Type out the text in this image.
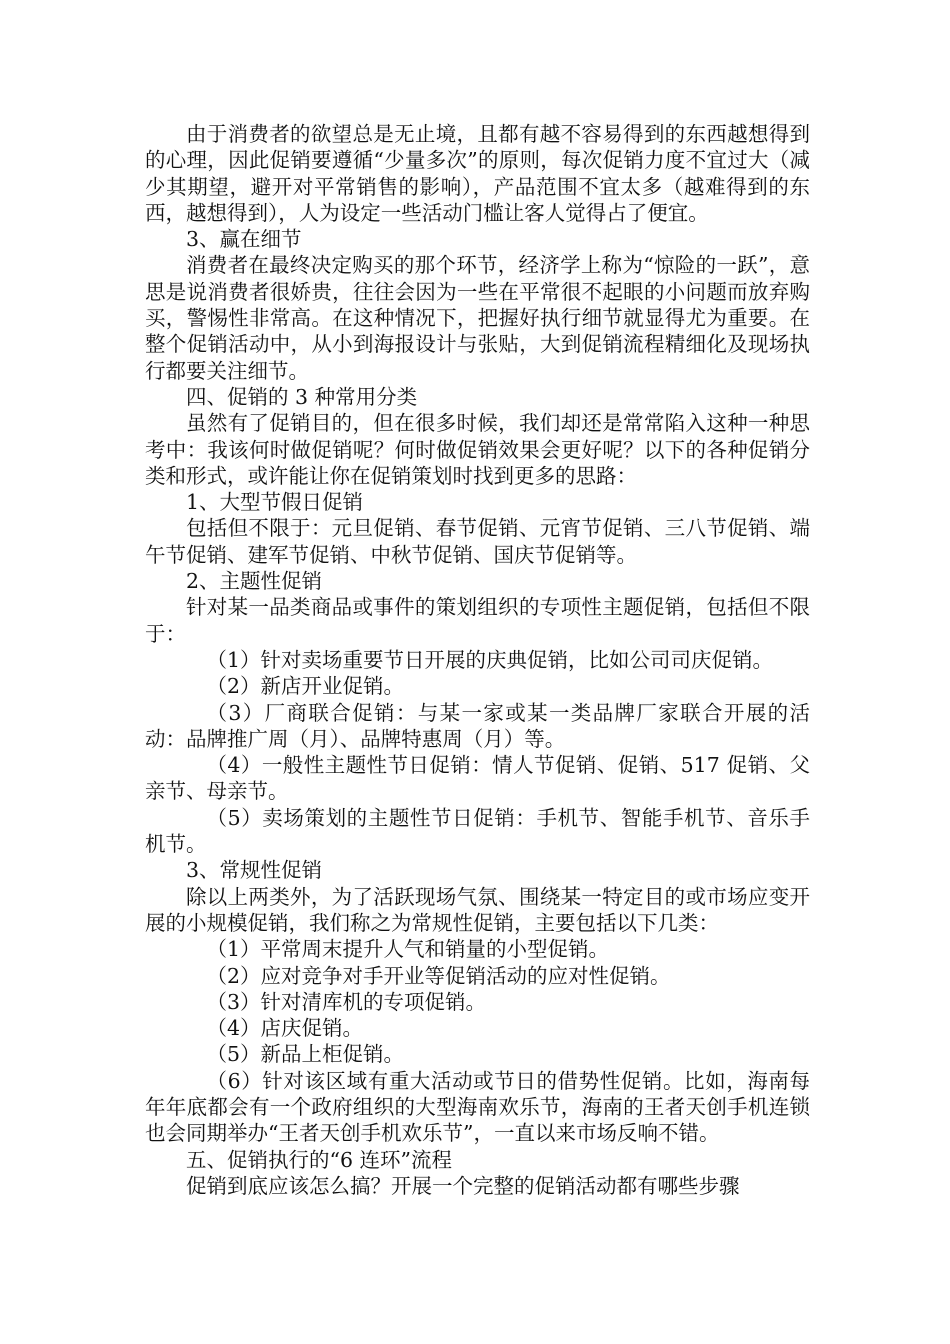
由于消费者的欲望总是无止境，且都有越不容易得到的东西越想得到的心理，因此促销要遵循“少量多次”的原则，每次促销力度不宜过大（减少其期望，避开对平常销售的影响），产品范围不宜太多（越难得到的东西，越想得到），人为设定一些活动门槛让客人觉得占了便宜。

3、赢在细节

消费者在最终决定购买的那个环节，经济学上称为“惊险的一跃”，意思是说消费者很娇贵，往往会因为一些在平常很不起眼的小问题而放弃购买，警惕性非常高。在这种情况下，把握好执行细节就显得尤为重要。在整个促销活动中，从小到海报设计与张贴，大到促销流程精细化及现场执行都要关注细节。

四、促销的 3 种常用分类

虽然有了促销目的，但在很多时候，我们却还是常常陷入这种一种思考中：我该何时做促销呢？何时做促销效果会更好呢？以下的各种促销分类和形式，或许能让你在促销策划时找到更多的思路：

1、大型节假日促销

包括但不限于：元旦促销、春节促销、元宵节促销、三八节促销、端午节促销、建军节促销、中秋节促销、国庆节促销等。

2、主题性促销

针对某一品类商品或事件的策划组织的专项性主题促销，包括但不限于：

（1）针对卖场重要节日开展的庆典促销，比如公司司庆促销。

（2）新店开业促销。

（3）厂商联合促销：与某一家或某一类品牌厂家联合开展的活动：品牌推广周（月）、品牌特惠周（月）等。

（4）一般性主题性节日促销：情人节促销、促销、517 促销、父亲节、母亲节。

（5）卖场策划的主题性节日促销：手机节、智能手机节、音乐手机节。

3、常规性促销

除以上两类外，为了活跃现场气氛、围绕某一特定目的或市场应变开展的小规模促销，我们称之为常规性促销，主要包括以下几类：

（1）平常周末提升人气和销量的小型促销。

（2）应对竞争对手开业等促销活动的应对性促销。

（3）针对清库机的专项促销。

（4）店庆促销。

（5）新品上柜促销。

（6）针对该区域有重大活动或节日的借势性促销。比如，海南每年年底都会有一个政府组织的大型海南欢乐节，海南的王者天创手机连锁也会同期举办“王者天创手机欢乐节”，一直以来市场反响不错。

五、促销执行的“6 连环”流程

促销到底应该怎么搞？开展一个完整的促销活动都有哪些步骤
